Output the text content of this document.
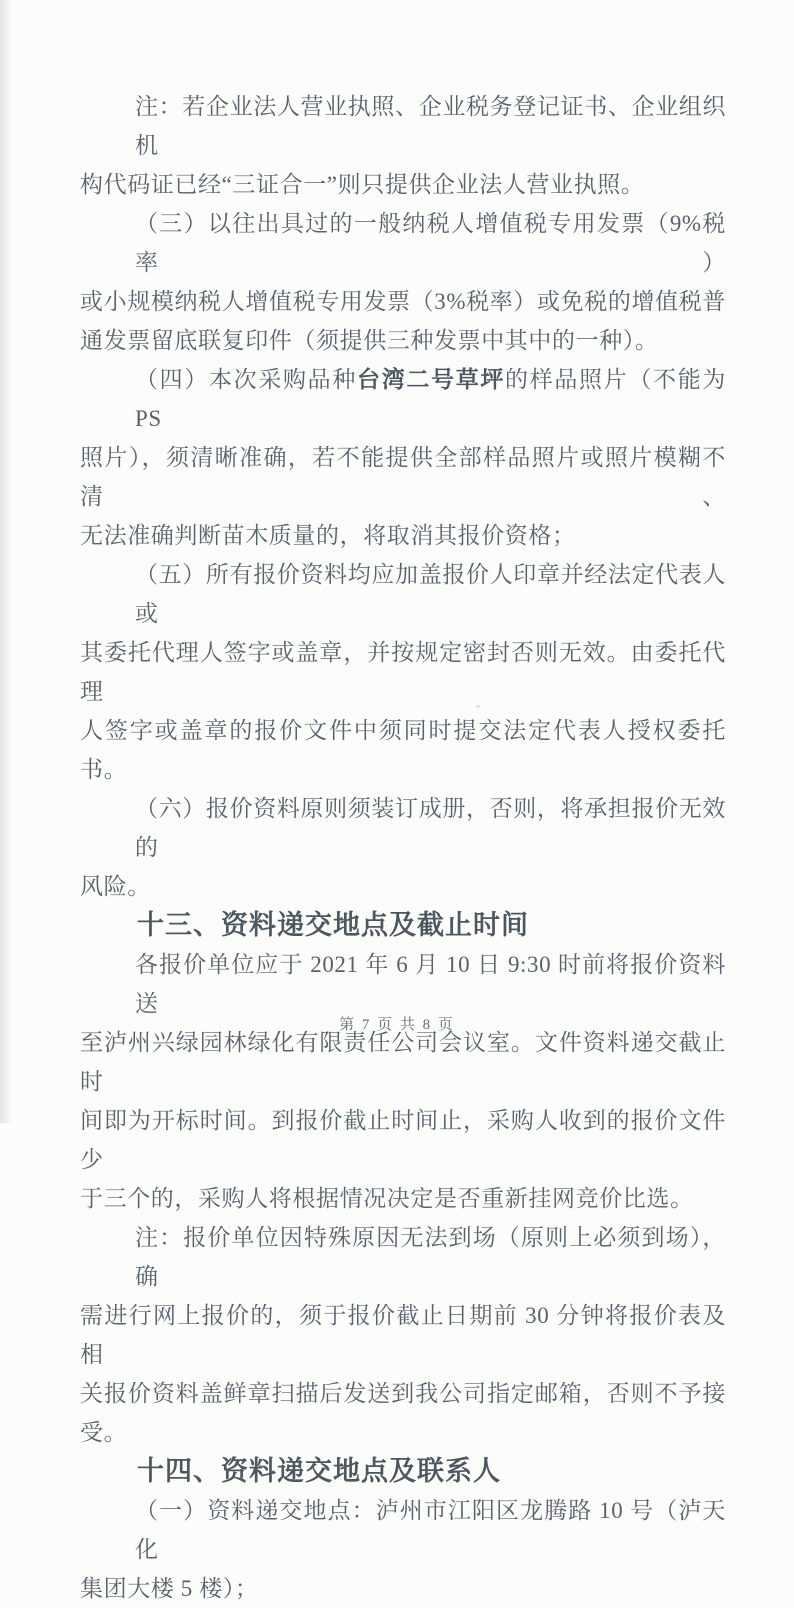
注：若企业法人营业执照、企业税务登记证书、企业组织机
构代码证已经“三证合一”则只提供企业法人营业执照。
（三）以往出具过的一般纳税人增值税专用发票（9%税率）
或小规模纳税人增值税专用发票（3%税率）或免税的增值税普
通发票留底联复印件（须提供三种发票中其中的一种）。
（四）本次采购品种台湾二号草坪的样品照片（不能为 PS
照片），须清晰准确，若不能提供全部样品照片或照片模糊不清、
无法准确判断苗木质量的，将取消其报价资格；
（五）所有报价资料均应加盖报价人印章并经法定代表人或
其委托代理人签字或盖章，并按规定密封否则无效。由委托代理
人签字或盖章的报价文件中须同时提交法定代表人授权委托书。
（六）报价资料原则须装订成册，否则，将承担报价无效的
风险。
十三、资料递交地点及截止时间
各报价单位应于 2021 年 6 月 10 日 9:30 时前将报价资料送
至泸州兴绿园林绿化有限责任公司会议室。文件资料递交截止时
间即为开标时间。到报价截止时间止，采购人收到的报价文件少
于三个的，采购人将根据情况决定是否重新挂网竞价比选。
注：报价单位因特殊原因无法到场（原则上必须到场），确
需进行网上报价的，须于报价截止日期前 30 分钟将报价表及相
关报价资料盖鲜章扫描后发送到我公司指定邮箱，否则不予接受。
十四、资料递交地点及联系人
（一）资料递交地点：泸州市江阳区龙腾路 10 号（泸天化
集团大楼 5 楼）；
第 7 页 共 8 页
